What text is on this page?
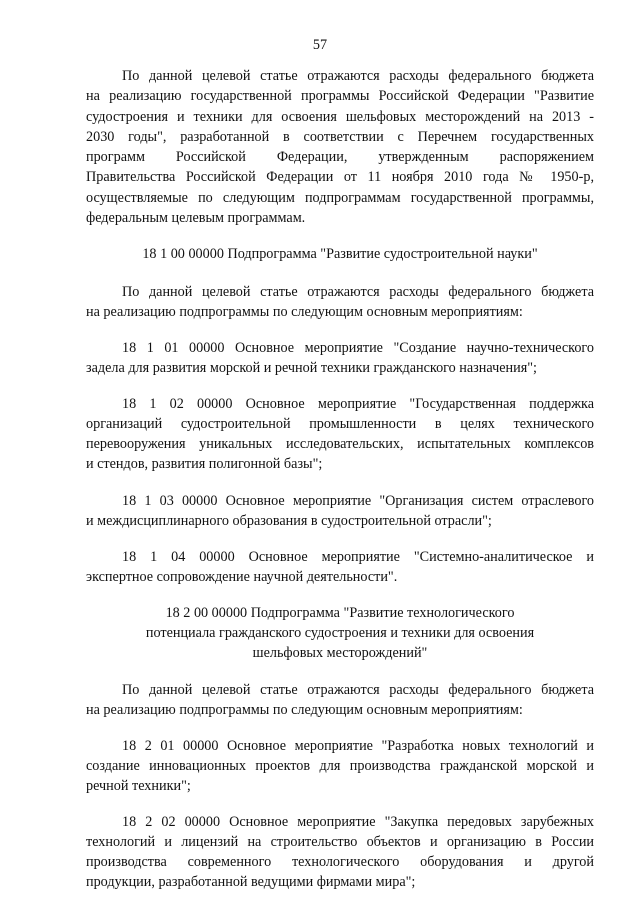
57
По данной целевой статье отражаются расходы федерального бюджета
на реализацию государственной программы Российской Федерации "Развитие
судостроения и техники для освоения шельфовых месторождений на 2013 -
2030 годы", разработанной в соответствии с Перечнем государственных
программ Российской Федерации, утвержденным распоряжением
Правительства Российской Федерации от 11 ноября 2010 года № 1950-р,
осуществляемые по следующим подпрограммам государственной программы,
федеральным целевым программам.
18 1 00 00000 Подпрограмма "Развитие судостроительной науки"
По данной целевой статье отражаются расходы федерального бюджета
на реализацию подпрограммы по следующим основным мероприятиям:
18 1 01 00000 Основное мероприятие "Создание научно-технического
задела для развития морской и речной техники гражданского назначения";
18 1 02 00000 Основное мероприятие "Государственная поддержка
организаций судостроительной промышленности в целях технического
перевооружения уникальных исследовательских, испытательных комплексов
и стендов, развития полигонной базы";
18 1 03 00000 Основное мероприятие "Организация систем отраслевого
и междисциплинарного образования в судостроительной отрасли";
18 1 04 00000 Основное мероприятие "Системно-аналитическое и
экспертное сопровождение научной деятельности".
18 2 00 00000 Подпрограмма "Развитие технологического
потенциала гражданского судостроения и техники для освоения
шельфовых месторождений"
По данной целевой статье отражаются расходы федерального бюджета
на реализацию подпрограммы по следующим основным мероприятиям:
18 2 01 00000 Основное мероприятие "Разработка новых технологий и
создание инновационных проектов для производства гражданской морской и
речной техники";
18 2 02 00000 Основное мероприятие "Закупка передовых зарубежных
технологий и лицензий на строительство объектов и организацию в России
производства современного технологического оборудования и другой
продукции, разработанной ведущими фирмами мира";
